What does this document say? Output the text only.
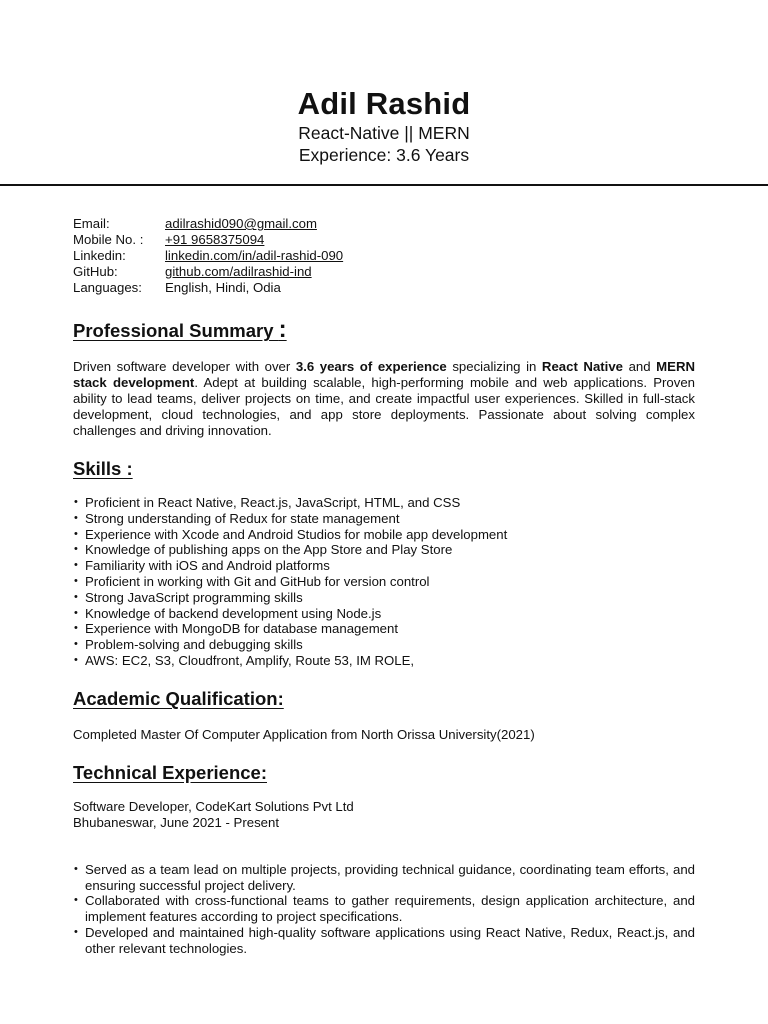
Adil Rashid

React-Native || MERN

Experience: 3.6 Years

Email:	adilrashid090@gmail.com
Mobile No. :	+91 9658375094
Linkedin:	linkedin.com/in/adil-rashid-090
GitHub:	github.com/adilrashid-ind
Languages:	English, Hindi, Odia
Professional Summary :

Driven software developer with over 3.6 years of experience specializing in React Native and MERN stack development. Adept at building scalable, high-performing mobile and web applications. Proven ability to lead teams, deliver projects on time, and create impactful user experiences. Skilled in full-stack development, cloud technologies, and app store deployments. Passionate about solving complex challenges and driving innovation.

Skills :
• Proficient in React Native, React.js, JavaScript, HTML, and CSS
• Strong understanding of Redux for state management
• Experience with Xcode and Android Studios for mobile app development
• Knowledge of publishing apps on the App Store and Play Store
• Familiarity with iOS and Android platforms
• Proficient in working with Git and GitHub for version control
• Strong JavaScript programming skills
• Knowledge of backend development using Node.js
• Experience with MongoDB for database management
• Problem-solving and debugging skills
• AWS: EC2, S3, Cloudfront, Amplify, Route 53, IM ROLE,
Academic Qualification:

Completed Master Of Computer Application from North Orissa University(2021)

Technical Experience:

Software Developer, CodeKart Solutions Pvt Ltd

Bhubaneswar, June 2021 - Present

• Served as a team lead on multiple projects, providing technical guidance, coordinating team efforts, and ensuring successful project delivery.
• Collaborated with cross-functional teams to gather requirements, design application architecture, and implement features according to project specifications.
• Developed and maintained high-quality software applications using React Native, Redux, React.js, and other relevant technologies.
